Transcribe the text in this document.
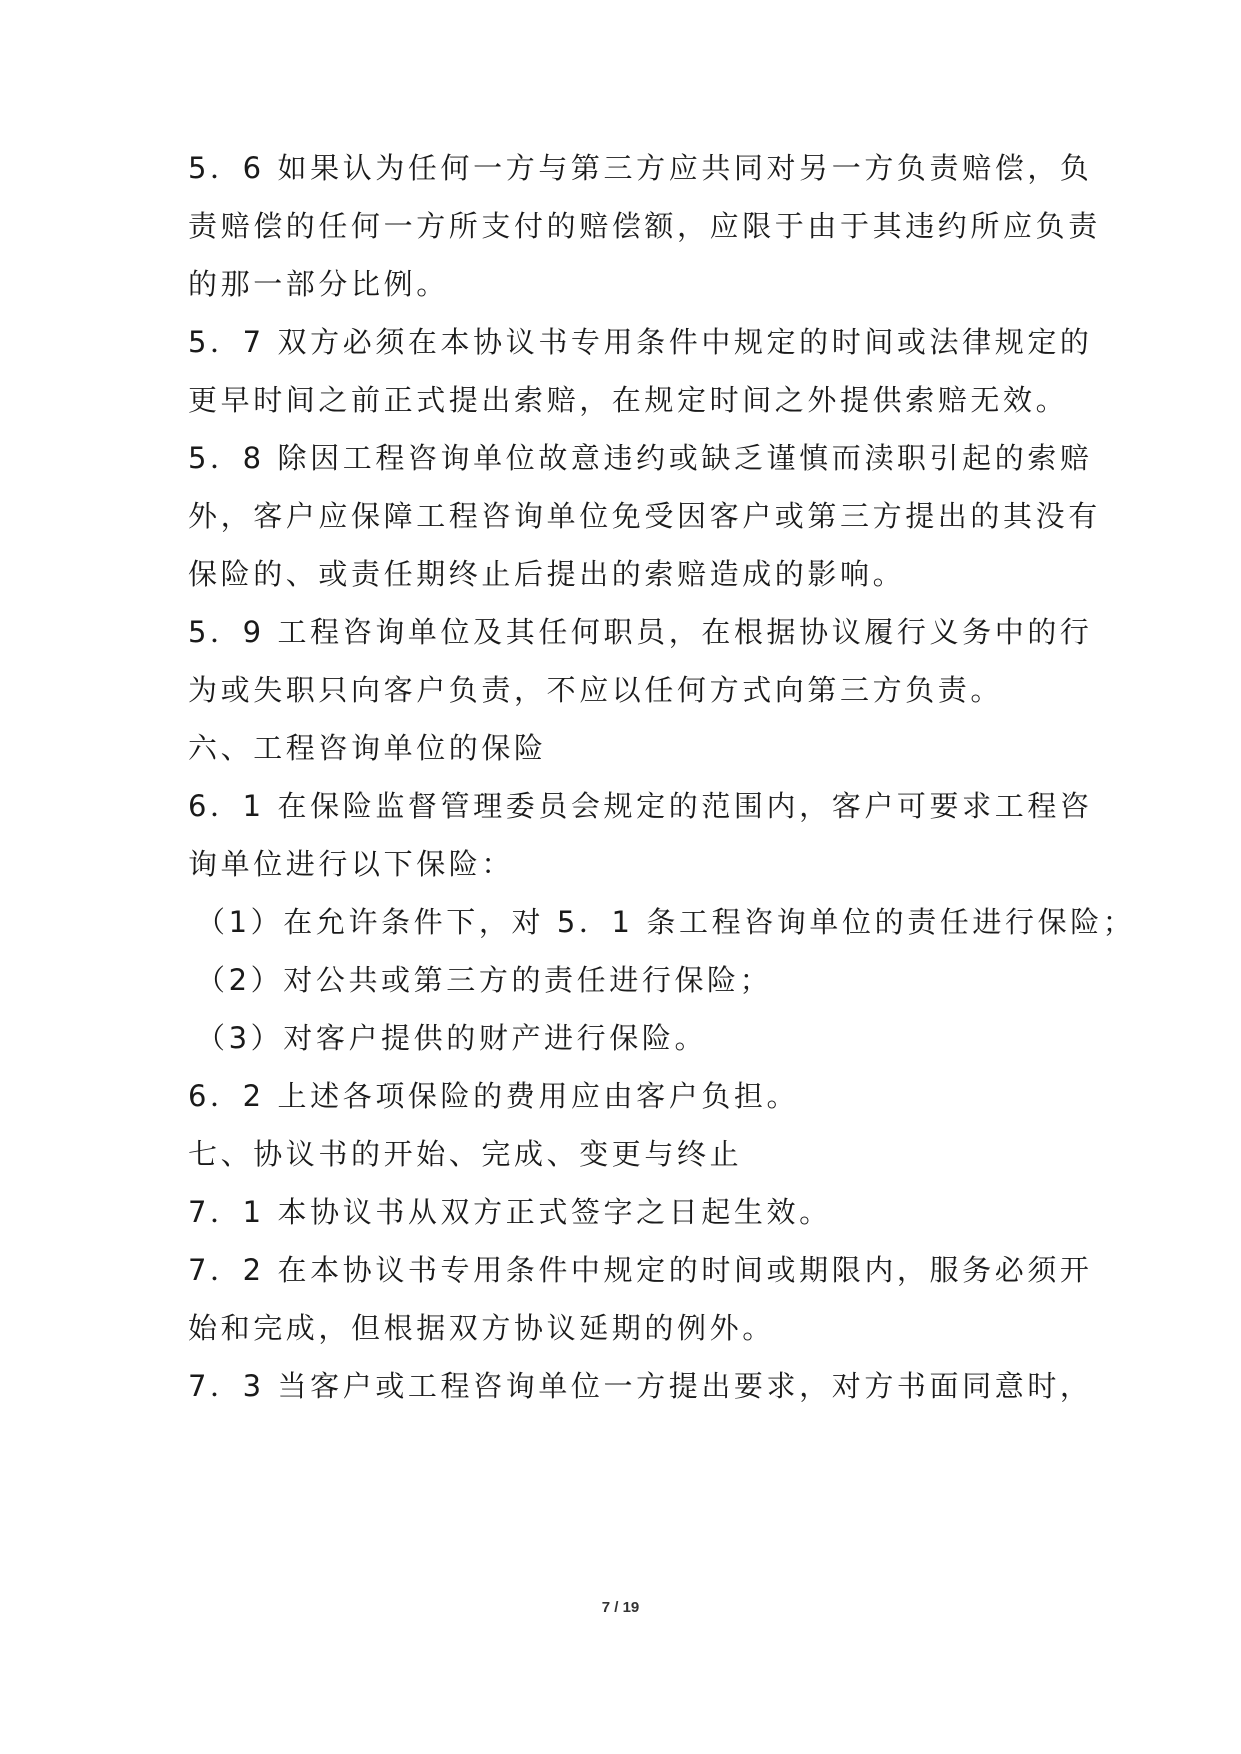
5．6 如果认为任何一方与第三方应共同对另一方负责赔偿，负
责赔偿的任何一方所支付的赔偿额，应限于由于其违约所应负责
的那一部分比例。
5．7 双方必须在本协议书专用条件中规定的时间或法律规定的
更早时间之前正式提出索赔，在规定时间之外提供索赔无效。
5．8 除因工程咨询单位故意违约或缺乏谨慎而渎职引起的索赔
外，客户应保障工程咨询单位免受因客户或第三方提出的其没有
保险的、或责任期终止后提出的索赔造成的影响。
5．9 工程咨询单位及其任何职员，在根据协议履行义务中的行
为或失职只向客户负责，不应以任何方式向第三方负责。
六、工程咨询单位的保险
6．1 在保险监督管理委员会规定的范围内，客户可要求工程咨
询单位进行以下保险：
（1）在允许条件下，对 5．1 条工程咨询单位的责任进行保险；
（2）对公共或第三方的责任进行保险；
（3）对客户提供的财产进行保险。
6．2 上述各项保险的费用应由客户负担。
七、协议书的开始、完成、变更与终止
7．1 本协议书从双方正式签字之日起生效。
7．2 在本协议书专用条件中规定的时间或期限内，服务必须开
始和完成，但根据双方协议延期的例外。
7．3 当客户或工程咨询单位一方提出要求，对方书面同意时，
7 / 19
